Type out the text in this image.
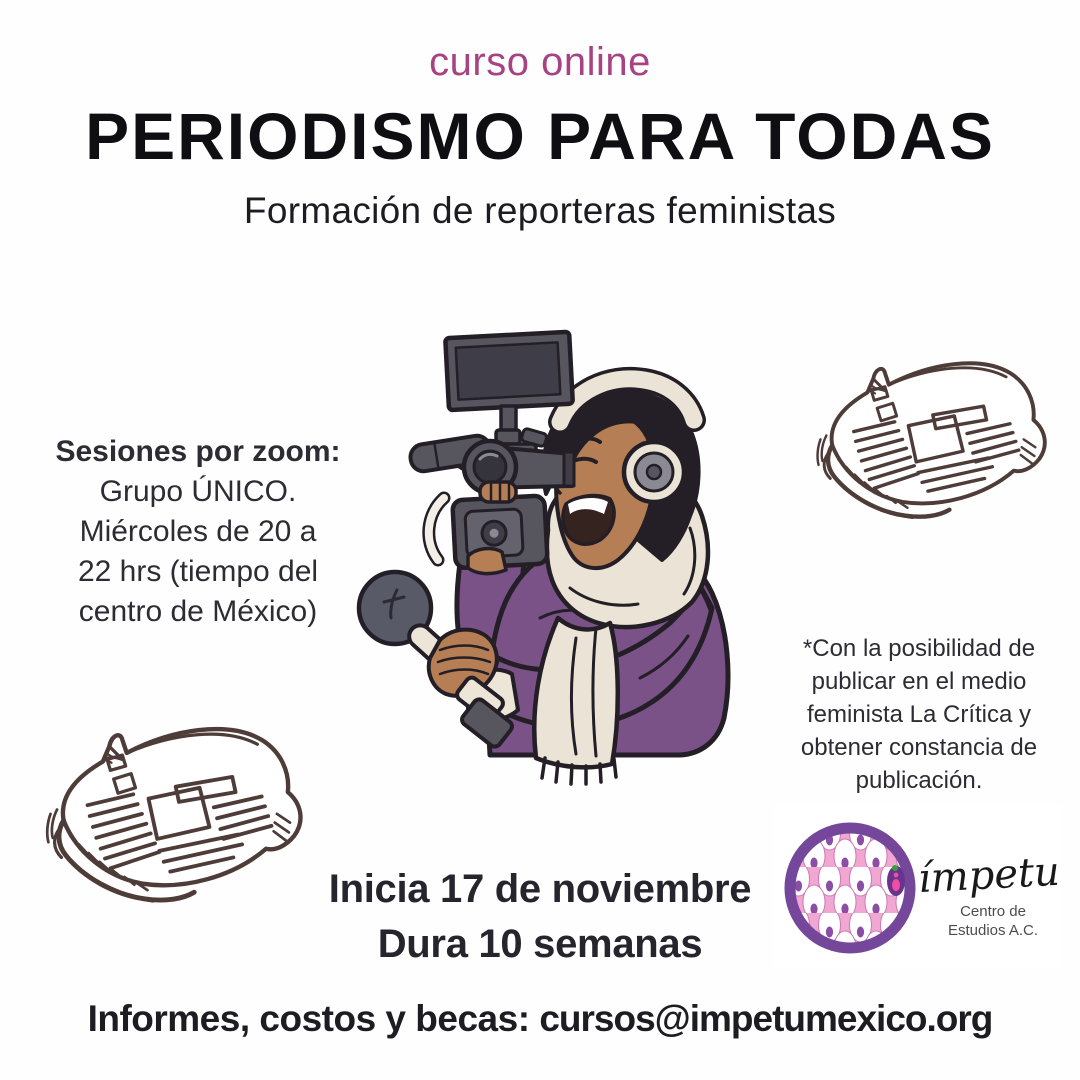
curso online
PERIODISMO PARA TODAS
Formación de reporteras feministas
Sesiones por zoom:
Grupo ÚNICO.
Miércoles de 20 a
22 hrs (tiempo del
centro de México)
*Con la posibilidad de
publicar en el medio
feminista La Crítica y
obtener constancia de
publicación.
Inicia 17 de noviembre
Dura 10 semanas
ímpetu
Centro de
Estudios A.C.
Informes, costos y becas: cursos@impetumexico.org
